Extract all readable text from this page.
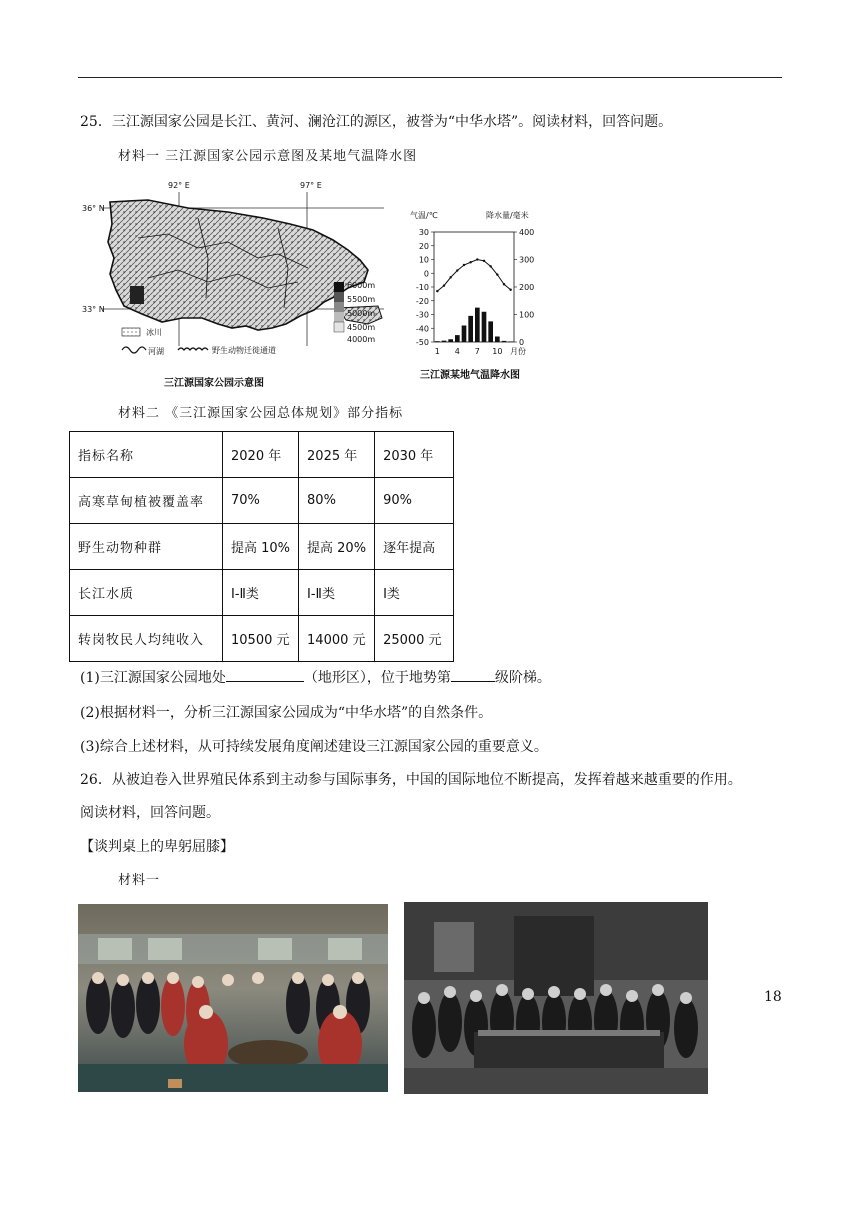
25．三江源国家公园是长江、黄河、澜沧江的源区，被誉为“中华水塔”。阅读材料，回答问题。
材料一 三江源国家公园示意图及某地气温降水图
92° E	97° E
36° N
33° N
6000m
5500m
5000m
4500m
4000m
冰川
河湖	野生动物迁徙通道
三江源国家公园示意图
气温/℃	降水量/毫米
30
20
10
0
-10
-20
-30
-40
-50
400
300
200
100
0
1 4 7 10 月份
三江源某地气温降水图
材料二 《三江源国家公园总体规划》部分指标
指标名称	2020 年	2025 年	2030 年
高寒草甸植被覆盖率	70%	80%	90%
野生动物种群	提高 10%	提高 20%	逐年提高
长江水质	Ⅰ-Ⅱ类	Ⅰ-Ⅱ类	Ⅰ类
转岗牧民人均纯收入	10500 元	14000 元	25000 元
(1)三江源国家公园地处	（地形区），位于地势第	级阶梯。
(2)根据材料一，分析三江源国家公园成为“中华水塔”的自然条件。
(3)综合上述材料，从可持续发展角度阐述建设三江源国家公园的重要意义。
26．从被迫卷入世界殖民体系到主动参与国际事务，中国的国际地位不断提高，发挥着越来越重要的作用。
阅读材料，回答问题。
【谈判桌上的卑躬屈膝】
材料一
18
